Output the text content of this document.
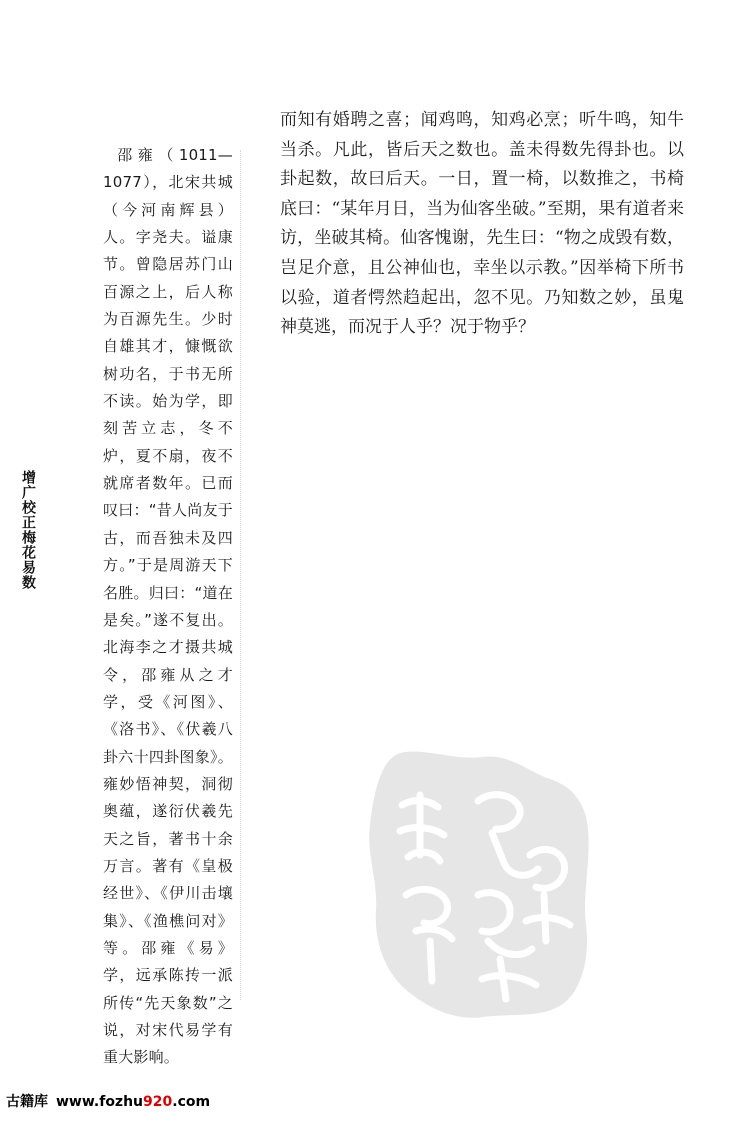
增广校正梅花易数
邵雍（1011—1077），北宋共城（今河南辉县）人。字尧夫。谥康节。曾隐居苏门山百源之上，后人称为百源先生。少时自雄其才，慷慨欲树功名，于书无所不读。始为学，即刻苦立志，冬不炉，夏不扇，夜不就席者数年。已而叹曰：“昔人尚友于古，而吾独未及四方。”于是周游天下名胜。归曰：“道在是矣。”遂不复出。北海李之才摄共城令，邵雍从之才学，受《河图》、《洛书》、《伏羲八卦六十四卦图象》。雍妙悟神契，洞彻奥蕴，遂衍伏羲先天之旨，著书十余万言。著有《皇极经世》、《伊川击壤集》、《渔樵问对》等。邵雍《易》学，远承陈抟一派所传“先天象数”之说，对宋代易学有重大影响。
而知有婚聘之喜；闻鸡鸣，知鸡必烹；听牛鸣，知牛当杀。凡此，皆后天之数也。盖未得数先得卦也。以卦起数，故曰后天。一日，置一椅，以数推之，书椅底曰：“某年月日，当为仙客坐破。”至期，果有道者来访，坐破其椅。仙客愧谢，先生曰：“物之成毁有数，岂足介意，且公神仙也，幸坐以示教。”因举椅下所书以验，道者愕然趋起出，忽不见。乃知数之妙，虽鬼神莫逃，而况于人乎？况于物乎？
古籍库 www.fozhu920.com
